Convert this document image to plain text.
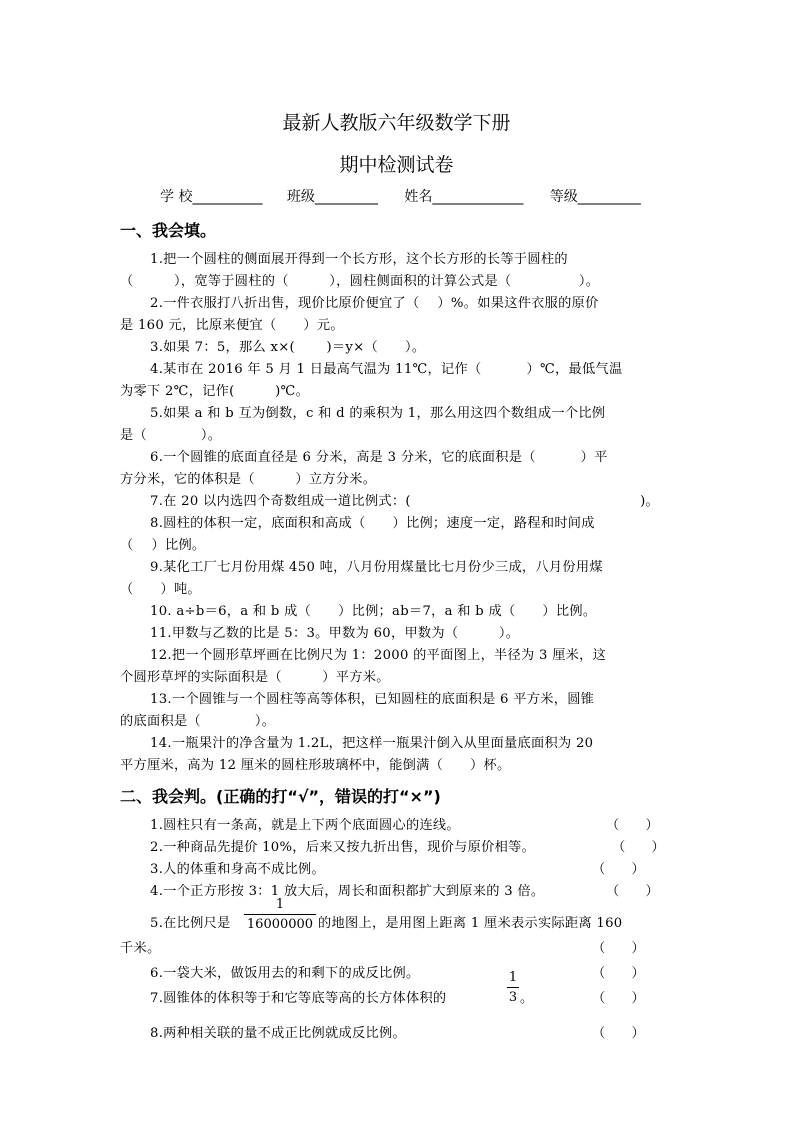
最新人教版六年级数学下册
期中检测试卷
学 校__________ 班级_________ 姓名_____________ 等级_________
一、我会填。
1.把一个圆柱的侧面展开得到一个长方形，这个长方形的长等于圆柱的
（　　　），宽等于圆柱的（　　　），圆柱侧面积的计算公式是（　　　　　）。
2.一件衣服打八折出售，现价比原价便宜了（　 ）%。如果这件衣服的原价
是 160 元，比原来便宜（　　）元。
3.如果 7：5，那么 x×(　　 )＝y×（　　）。
4.某市在 2016 年 5 月 1 日最高气温为 11℃，记作（　　　 ）℃，最低气温
为零下 2℃，记作(　　　)℃。
5.如果 a 和 b 互为倒数，c 和 d 的乘积为 1，那么用这四个数组成一个比例
是（　　　　）。
6.一个圆锥的底面直径是 6 分米，高是 3 分米，它的底面积是（　　　 ）平
方分米，它的体积是（　　　）立方分米。
7.在 20 以内选四个奇数组成一道比例式：(　　　　　　　　　　　　　　　　　)。
8.圆柱的体积一定，底面积和高成（　　）比例；速度一定，路程和时间成
（　 ）比例。
9.某化工厂七月份用煤 450 吨，八月份用煤量比七月份少三成，八月份用煤
（　　）吨。
10. a÷b＝6，a 和 b 成（　　）比例；ab＝7，a 和 b 成（　　）比例。
11.甲数与乙数的比是 5：3。甲数为 60，甲数为（　　　）。
12.把一个圆形草坪画在比例尺为 1：2000 的平面图上，半径为 3 厘米，这
个圆形草坪的实际面积是（　　　）平方米。
13.一个圆锥与一个圆柱等高等体积，已知圆柱的底面积是 6 平方米，圆锥
的底面积是（　　　　）。
14.一瓶果汁的净含量为 1.2L，把这样一瓶果汁倒入从里面量底面积为 20
平方厘米，高为 12 厘米的圆柱形玻璃杯中，能倒满（　　）杯。
二、我会判。(正确的打“√”，错误的打“×”)
1.圆柱只有一条高，就是上下两个底面圆心的连线。	（　　）
2.一种商品先提价 10%，后来又按九折出售，现价与原价相等。	（　　）
3.人的体重和身高不成比例。	（　　）
4.一个正方形按 3：1 放大后，周长和面积都扩大到原来的 3 倍。	（　　）
5.在比例尺是
1
16000000 的地图上，是用图上距离 1 厘米表示实际距离 160
千米。	（　　）
6.一袋大米，做饭用去的和剩下的成反比例。	（　　）
7.圆锥体的体积等于和它等底等高的长方体体积的
1
3 。	（　　）
8.两种相关联的量不成正比例就成反比例。	（　　）
